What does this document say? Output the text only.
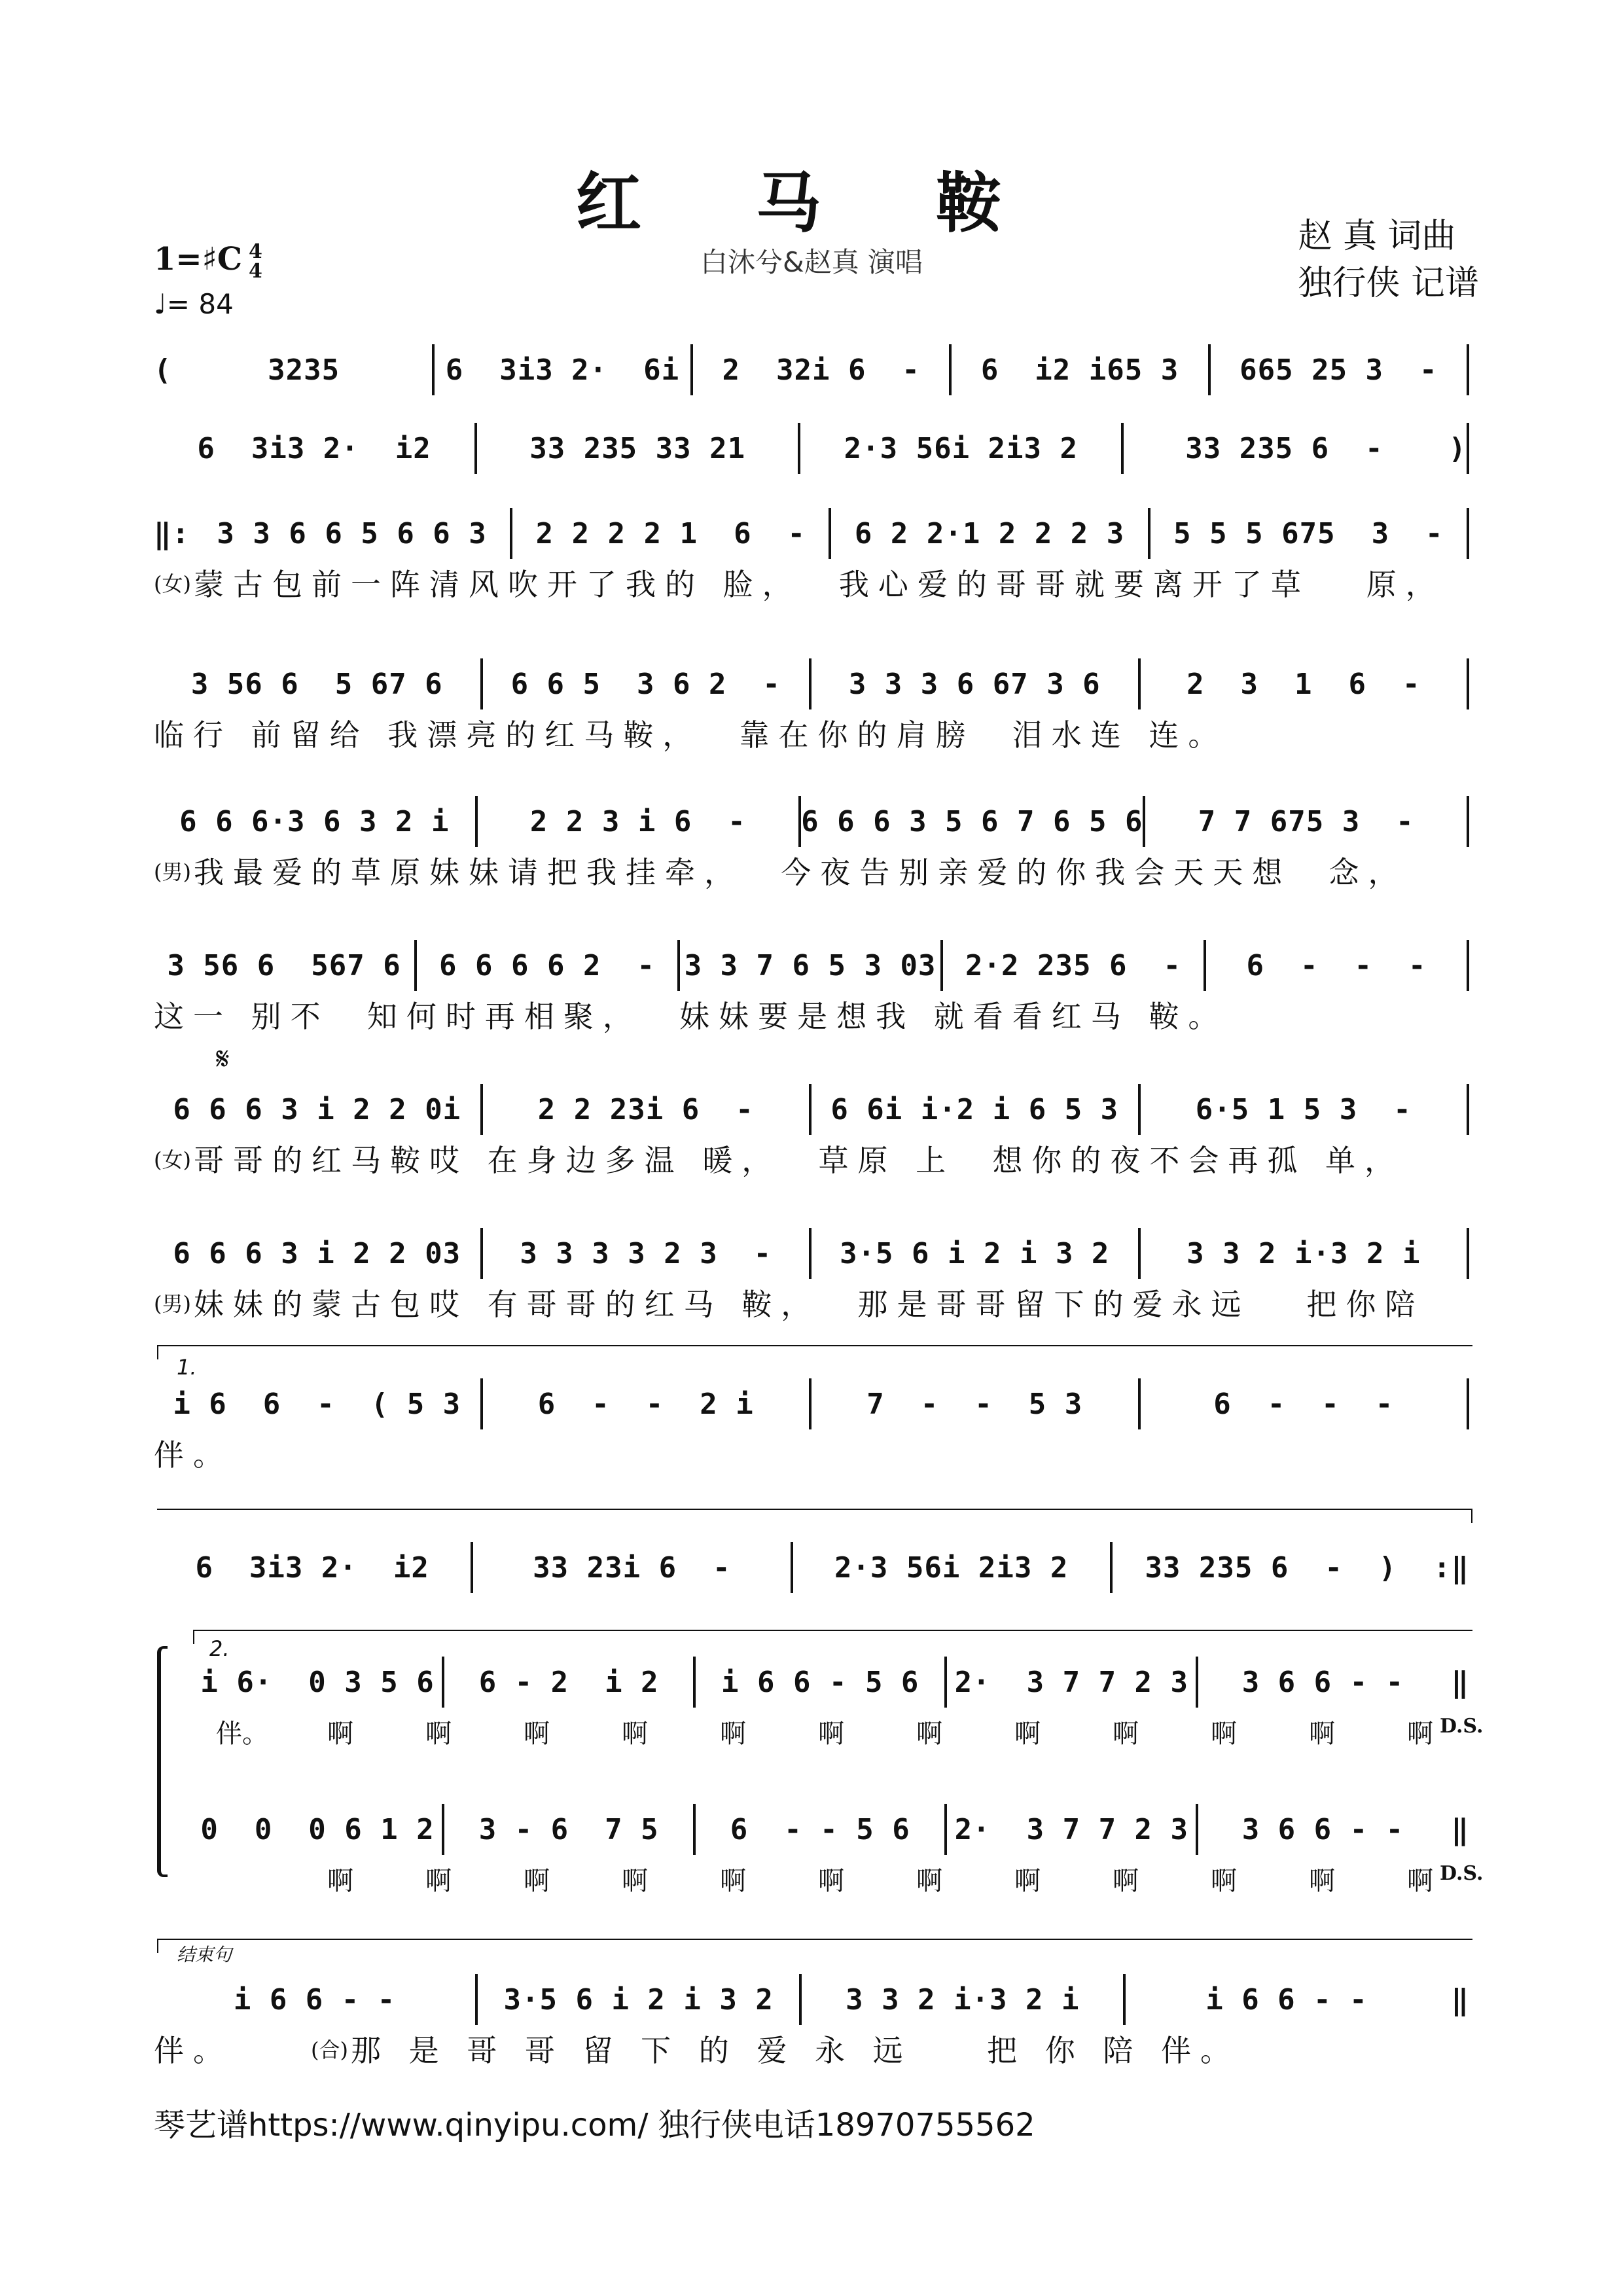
红 马 鞍
白沐兮&赵真 演唱
赵 真 词曲
独行侠 记谱
1=♯C 4
4
♩= 84
(	3235	6  3i3 2·  6i	2  32i 6  -	6  i2 i65 3	665 25 3  -
6  3i3 2·  i2	33 235 33 21	2·3 56i 2i3 2	33 235 6  -	)
‖: 3 3 6 6 5 6 6 3	2 2 2 2 1  6  -	6 2 2·1 2 2 2 3	5 5 5 675  3  -
(女) 蒙古包前一阵清风吹开了我的 脸，  我心爱的哥哥就要离开了草   原，
3 56 6  5 67 6	6 6 5  3 6 2  -	3 3 3 6 67 3 6	2  3  1  6  -
临行 前留给 我漂亮的红马鞍，  靠在你的肩膀  泪水连 连。
6 6 6·3 6 3 2 i	2 2 3 i 6  -	6 6 6 3 5 6 7 6 5 6	7 7 675 3  -
(男) 我最爱的草原妹妹请把我挂牵，  今夜告别亲爱的你我会天天想  念，
3 56 6  567 6	6 6 6 6 2  -	3 3 7 6 5 3 03	2·2 235 6  -	6  -  -  -
这一 别不  知何时再相聚，  妹妹要是想我 就看看红马 鞍。
𝄋
6 6 6 3 i 2 2 0i	2 2 23i 6  -	6 6i i·2 i 6 5 3	6·5 1 5 3  -
(女) 哥哥的红马鞍哎 在身边多温 暖，  草原 上  想你的夜不会再孤 单，
6 6 6 3 i 2 2 03	3 3 3 3 2 3  -	3·5 6 i 2 i 3 2	3 3 2 i·3 2 i
(男) 妹妹的蒙古包哎 有哥哥的红马 鞍，  那是哥哥留下的爱永远   把你陪
1.
i 6  6  -  ( 5 3	6  -  -  2 i	7  -  -  5 3	6  -  -  -
伴。
6  3i3 2·  i2	33 23i 6  -	2·3 56i 2i3 2	33 235 6  -  )	:‖
2.
i 6·  0 3 5 6	6 - 2  i 2	i 6 6 - 5 6	2·  3 7 7 2 3	3 6 6 - -	‖
伴。	啊	啊	啊	啊	啊	啊	啊	啊	啊	啊	啊	啊 D.S.
0  0  0 6 1 2	3 - 6  7 5	6  - - 5 6	2·  3 7 7 2 3	3 6 6 - -	‖
啊	啊	啊	啊	啊	啊	啊	啊	啊	啊	啊	啊 D.S.
结束句
i 6 6 - -	3·5 6 i 2 i 3 2	3 3 2 i·3 2 i	i 6 6 - -	‖
伴。	(合) 那 是 哥 哥 留 下 的 爱 永 远    把 你 陪 伴。
琴艺谱https://www.qinyipu.com/ 独行侠电话18970755562
